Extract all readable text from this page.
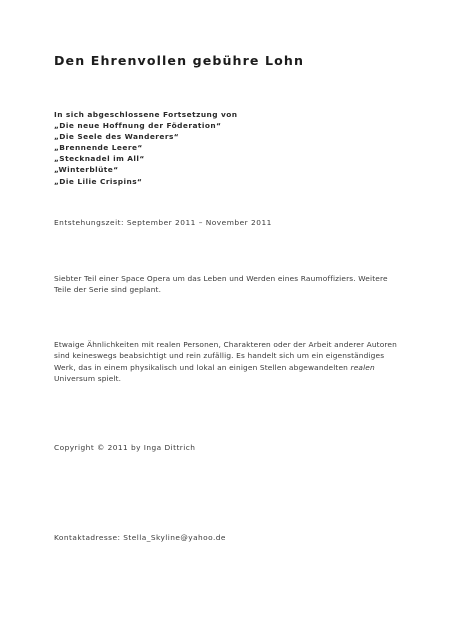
Den Ehrenvollen gebühre Lohn
In sich abgeschlossene Fortsetzung von
„Die neue Hoffnung der Föderation“
„Die Seele des Wanderers“
„Brennende Leere“
„Stecknadel im All“
„Winterblüte“
„Die Lilie Crispins“
Entstehungszeit: September 2011 – November 2011
Siebter Teil einer Space Opera um das Leben und Werden eines Raumoffiziers. Weitere Teile der Serie sind geplant.
Etwaige Ähnlichkeiten mit realen Personen, Charakteren oder der Arbeit anderer Autoren sind keineswegs beabsichtigt und rein zufällig. Es handelt sich um ein eigenständiges Werk, das in einem physikalisch und lokal an einigen Stellen abgewandelten realen Universum spielt.
Copyright © 2011 by Inga Dittrich
Kontaktadresse: Stella_Skyline@yahoo.de
